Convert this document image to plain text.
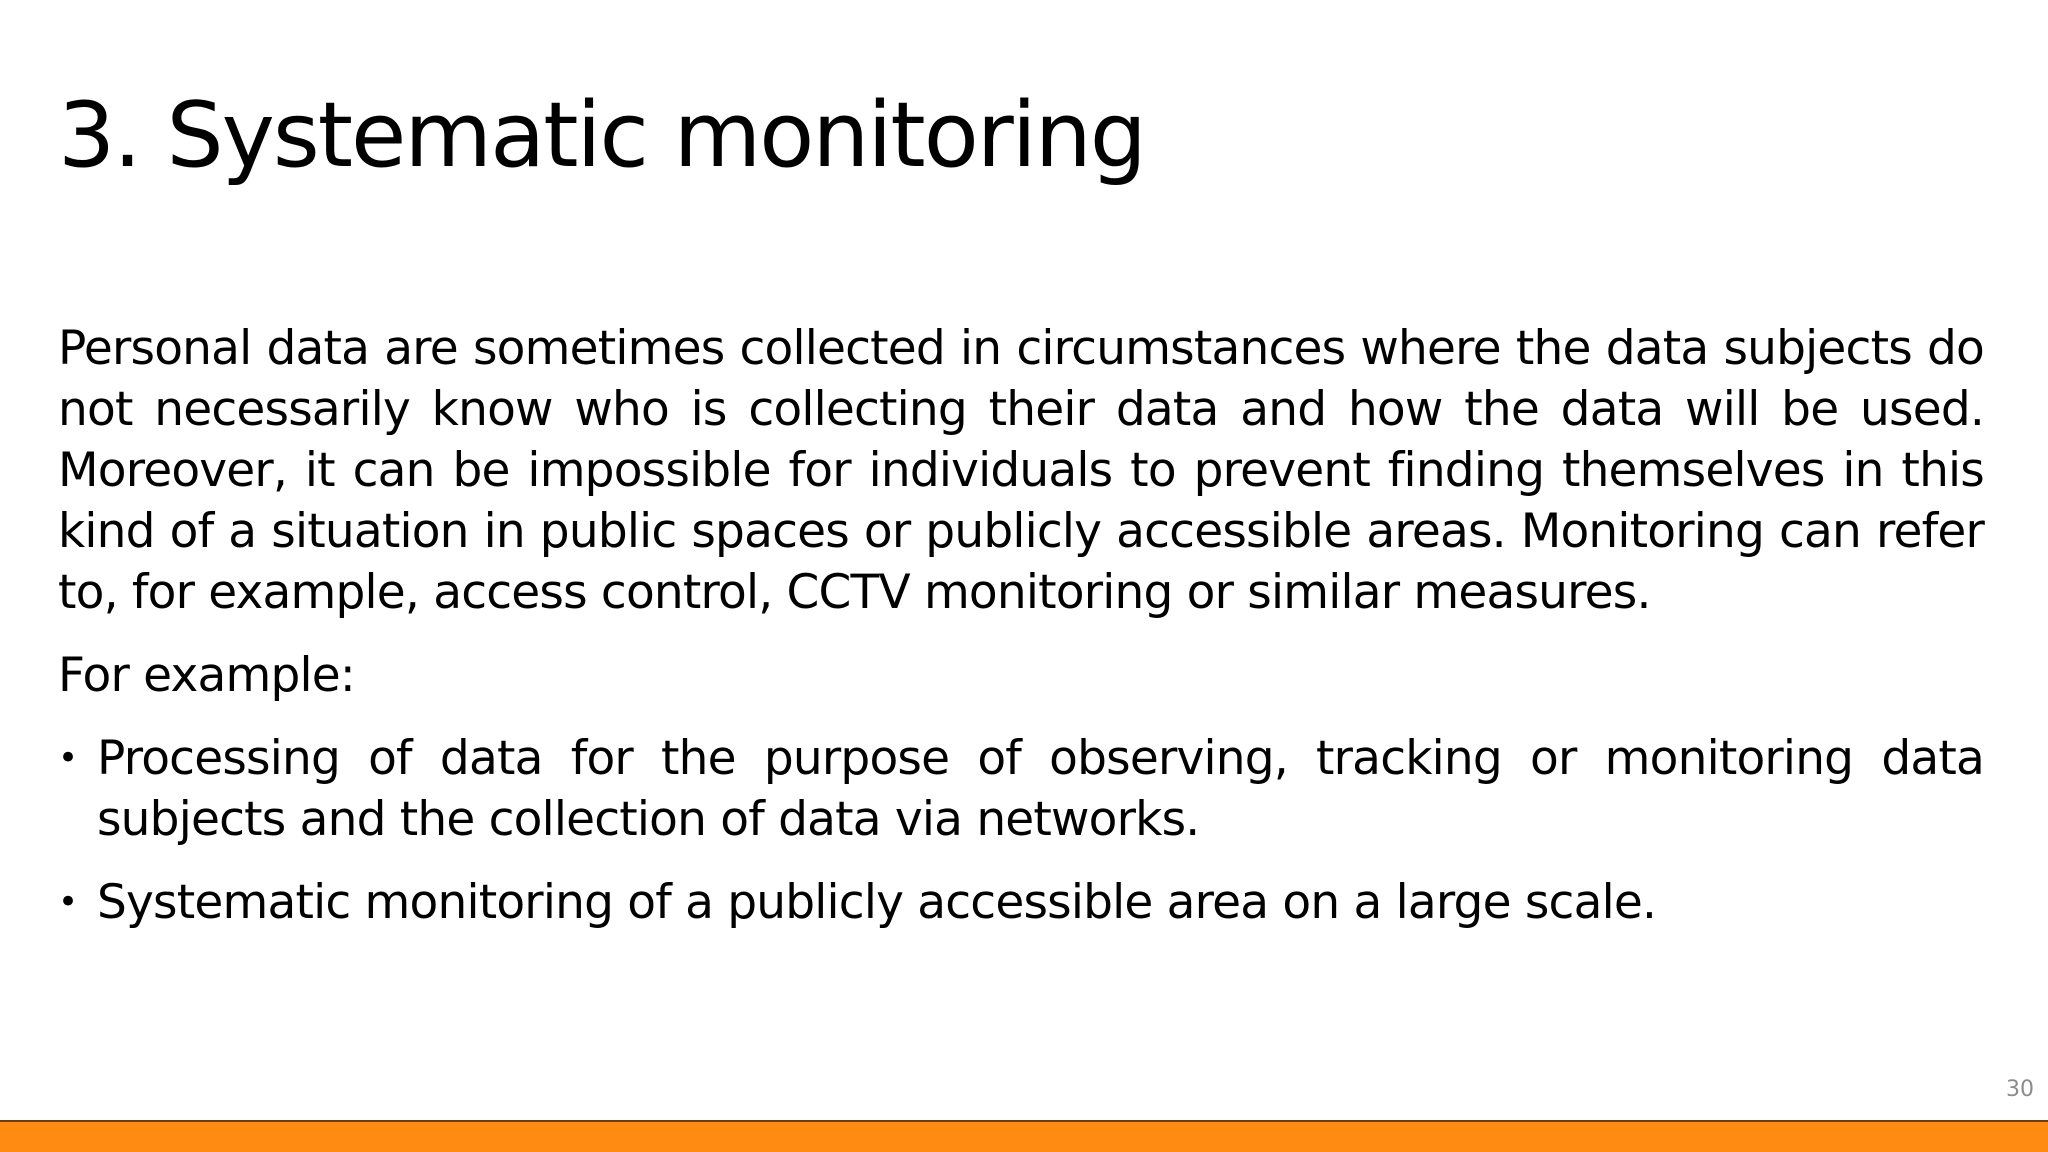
3. Systematic monitoring

Personal data are sometimes collected in circumstances where the data subjects do not necessarily know who is collecting their data and how the data will be used. Moreover, it can be impossible for individuals to prevent finding themselves in this kind of a situation in public spaces or publicly accessible areas. Monitoring can refer to, for example, access control, CCTV monitoring or similar measures.

For example:

• Processing of data for the purpose of observing, tracking or monitoring data subjects and the collection of data via networks.
• Systematic monitoring of a publicly accessible area on a large scale.
30
